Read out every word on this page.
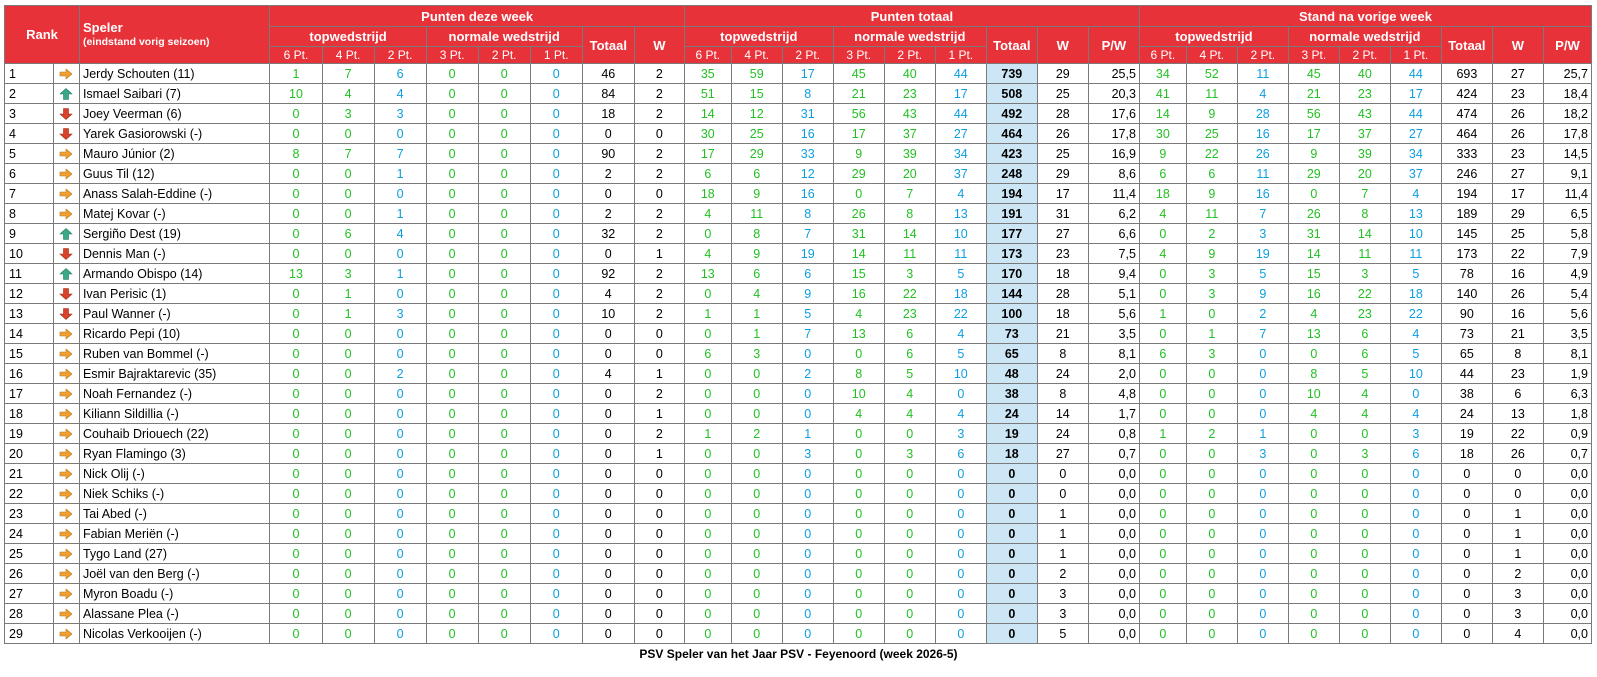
Rank		Speler
(eindstand vorig seizoen)	Punten deze week								Punten totaal									Stand na vorige week								
			topwedstrijd			normale wedstrijd			Totaal	W	topwedstrijd			normale wedstrijd			Totaal	W	P/W	topwedstrijd			normale wedstrijd			Totaal	W	P/W
			6 Pt.	4 Pt.	2 Pt.	3 Pt.	2 Pt.	1 Pt.			6 Pt.	4 Pt.	2 Pt.	3 Pt.	2 Pt.	1 Pt.				6 Pt.	4 Pt.	2 Pt.	3 Pt.	2 Pt.	1 Pt.			
1		Jerdy Schouten (11)	1	7	6	0	0	0	46	2	35	59	17	45	40	44	739	29	25,5	34	52	11	45	40	44	693	27	25,7
2		Ismael Saibari (7)	10	4	4	0	0	0	84	2	51	15	8	21	23	17	508	25	20,3	41	11	4	21	23	17	424	23	18,4
3		Joey Veerman (6)	0	3	3	0	0	0	18	2	14	12	31	56	43	44	492	28	17,6	14	9	28	56	43	44	474	26	18,2
4		Yarek Gasiorowski (-)	0	0	0	0	0	0	0	0	30	25	16	17	37	27	464	26	17,8	30	25	16	17	37	27	464	26	17,8
5		Mauro Júnior (2)	8	7	7	0	0	0	90	2	17	29	33	9	39	34	423	25	16,9	9	22	26	9	39	34	333	23	14,5
6		Guus Til (12)	0	0	1	0	0	0	2	2	6	6	12	29	20	37	248	29	8,6	6	6	11	29	20	37	246	27	9,1
7		Anass Salah-Eddine (-)	0	0	0	0	0	0	0	0	18	9	16	0	7	4	194	17	11,4	18	9	16	0	7	4	194	17	11,4
8		Matej Kovar (-)	0	0	1	0	0	0	2	2	4	11	8	26	8	13	191	31	6,2	4	11	7	26	8	13	189	29	6,5
9		Sergiño Dest (19)	0	6	4	0	0	0	32	2	0	8	7	31	14	10	177	27	6,6	0	2	3	31	14	10	145	25	5,8
10		Dennis Man (-)	0	0	0	0	0	0	0	1	4	9	19	14	11	11	173	23	7,5	4	9	19	14	11	11	173	22	7,9
11		Armando Obispo (14)	13	3	1	0	0	0	92	2	13	6	6	15	3	5	170	18	9,4	0	3	5	15	3	5	78	16	4,9
12		Ivan Perisic (1)	0	1	0	0	0	0	4	2	0	4	9	16	22	18	144	28	5,1	0	3	9	16	22	18	140	26	5,4
13		Paul Wanner (-)	0	1	3	0	0	0	10	2	1	1	5	4	23	22	100	18	5,6	1	0	2	4	23	22	90	16	5,6
14		Ricardo Pepi (10)	0	0	0	0	0	0	0	0	0	1	7	13	6	4	73	21	3,5	0	1	7	13	6	4	73	21	3,5
15		Ruben van Bommel (-)	0	0	0	0	0	0	0	0	6	3	0	0	6	5	65	8	8,1	6	3	0	0	6	5	65	8	8,1
16		Esmir Bajraktarevic (35)	0	0	2	0	0	0	4	1	0	0	2	8	5	10	48	24	2,0	0	0	0	8	5	10	44	23	1,9
17		Noah Fernandez (-)	0	0	0	0	0	0	0	2	0	0	0	10	4	0	38	8	4,8	0	0	0	10	4	0	38	6	6,3
18		Kiliann Sildillia (-)	0	0	0	0	0	0	0	1	0	0	0	4	4	4	24	14	1,7	0	0	0	4	4	4	24	13	1,8
19		Couhaib Driouech (22)	0	0	0	0	0	0	0	2	1	2	1	0	0	3	19	24	0,8	1	2	1	0	0	3	19	22	0,9
20		Ryan Flamingo (3)	0	0	0	0	0	0	0	1	0	0	3	0	3	6	18	27	0,7	0	0	3	0	3	6	18	26	0,7
21		Nick Olij (-)	0	0	0	0	0	0	0	0	0	0	0	0	0	0	0	0	0,0	0	0	0	0	0	0	0	0	0,0
22		Niek Schiks (-)	0	0	0	0	0	0	0	0	0	0	0	0	0	0	0	0	0,0	0	0	0	0	0	0	0	0	0,0
23		Tai Abed (-)	0	0	0	0	0	0	0	0	0	0	0	0	0	0	0	1	0,0	0	0	0	0	0	0	0	1	0,0
24		Fabian Meriën (-)	0	0	0	0	0	0	0	0	0	0	0	0	0	0	0	1	0,0	0	0	0	0	0	0	0	1	0,0
25		Tygo Land (27)	0	0	0	0	0	0	0	0	0	0	0	0	0	0	0	1	0,0	0	0	0	0	0	0	0	1	0,0
26		Joël van den Berg (-)	0	0	0	0	0	0	0	0	0	0	0	0	0	0	0	2	0,0	0	0	0	0	0	0	0	2	0,0
27		Myron Boadu (-)	0	0	0	0	0	0	0	0	0	0	0	0	0	0	0	3	0,0	0	0	0	0	0	0	0	3	0,0
28		Alassane Plea (-)	0	0	0	0	0	0	0	0	0	0	0	0	0	0	0	3	0,0	0	0	0	0	0	0	0	3	0,0
29		Nicolas Verkooijen (-)	0	0	0	0	0	0	0	0	0	0	0	0	0	0	0	5	0,0	0	0	0	0	0	0	0	4	0,0
PSV Speler van het Jaar PSV - Feyenoord (week 2026-5)
